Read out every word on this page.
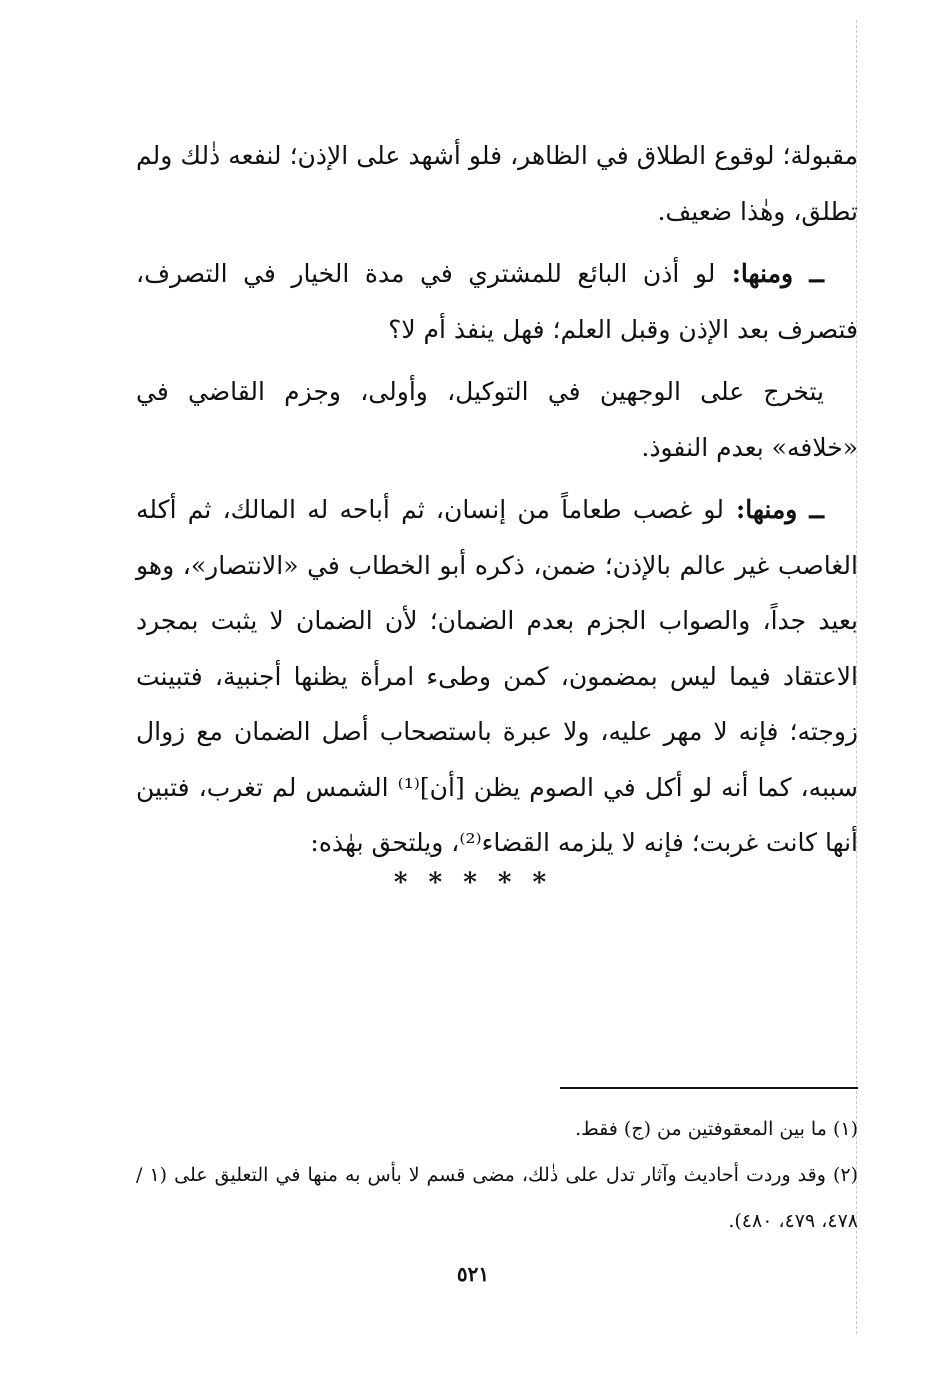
مقبولة؛ لوقوع الطلاق في الظاهر، فلو أشهد على الإذن؛ لنفعه ذٰلك ولم تطلق، وهٰذا ضعيف.

ــ ومنها: لو أذن البائع للمشتري في مدة الخيار في التصرف، فتصرف بعد الإذن وقبل العلم؛ فهل ينفذ أم لا؟

يتخرج على الوجهين في التوكيل، وأولى، وجزم القاضي في «خلافه» بعدم النفوذ.

ــ ومنها: لو غصب طعاماً من إنسان، ثم أباحه له المالك، ثم أكله الغاصب غير عالم بالإذن؛ ضمن، ذكره أبو الخطاب في «الانتصار»، وهو بعيد جداً، والصواب الجزم بعدم الضمان؛ لأن الضمان لا يثبت بمجرد الاعتقاد فيما ليس بمضمون، كمن وطىء امرأة يظنها أجنبية، فتبينت زوجته؛ فإنه لا مهر عليه، ولا عبرة باستصحاب أصل الضمان مع زوال سببه، كما أنه لو أكل في الصوم يظن [أن]⁽¹⁾ الشمس لم تغرب، فتبين أنها كانت غربت؛ فإنه لا يلزمه القضاء⁽²⁾، ويلتحق بهٰذه:

* * * * *

(١) ما بين المعقوفتين من (ج) فقط.

(٢) وقد وردت أحاديث وآثار تدل على ذٰلك، مضى قسم لا بأس به منها في التعليق على (١ / ٤٧٨، ٤٧٩، ٤٨٠).

٥٢١
